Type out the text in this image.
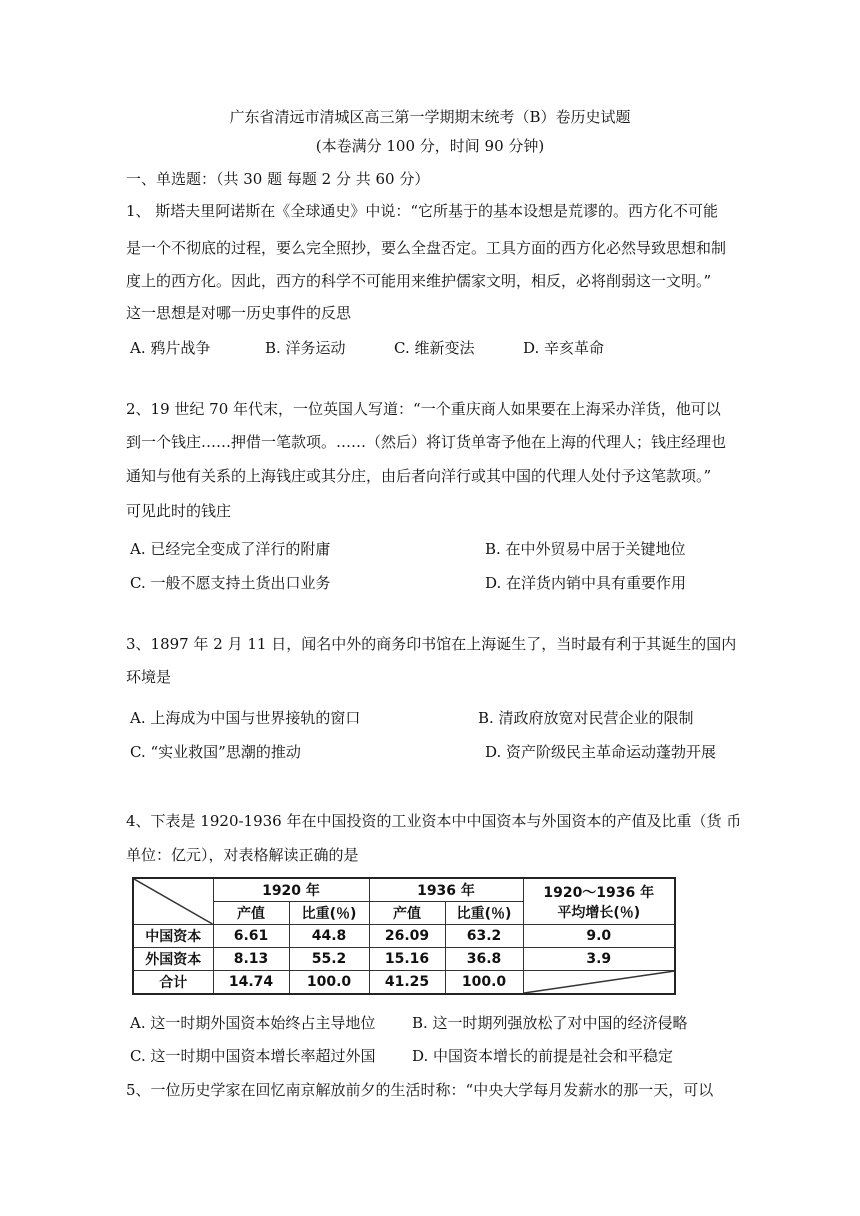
广东省清远市清城区高三第一学期期末统考（B）卷历史试题
(本卷满分 100 分，时间 90 分钟)
一、单选题：（共 30 题 每题 2 分 共 60 分）
1、 斯塔夫里阿诺斯在《全球通史》中说：“它所基于的基本设想是荒谬的。西方化不可能
是一个不彻底的过程，要么完全照抄，要么全盘否定。工具方面的西方化必然导致思想和制
度上的西方化。因此，西方的科学不可能用来维护儒家文明，相反，必将削弱这一文明。”
这一思想是对哪一历史事件的反思
A. 鸦片战争	B. 洋务运动	C. 维新变法	D. 辛亥革命
2、19 世纪 70 年代末，一位英国人写道：“一个重庆商人如果要在上海采办洋货，他可以
到一个钱庄……押借一笔款项。……（然后）将订货单寄予他在上海的代理人；钱庄经理也
通知与他有关系的上海钱庄或其分庄，由后者向洋行或其中国的代理人处付予这笔款项。”
可见此时的钱庄
A. 已经完全变成了洋行的附庸	B. 在中外贸易中居于关键地位
C. 一般不愿支持土货出口业务	D. 在洋货内销中具有重要作用
3、1897 年 2 月 11 日，闻名中外的商务印书馆在上海诞生了，当时最有利于其诞生的国内
环境是
A. 上海成为中国与世界接轨的窗口	B. 清政府放宽对民营企业的限制
C. “实业救国”思潮的推动	D. 资产阶级民主革命运动蓬勃开展
4、下表是 1920-1936 年在中国投资的工业资本中中国资本与外国资本的产值及比重（货 币
单位：亿元），对表格解读正确的是
	1920 年		1936 年		1920～1936 年
平均增长(％)

	产值	比重(％)	产值	比重(％)	
中国资本	6.61	44.8	26.09	63.2	9.0
外国资本	8.13	55.2	15.16	36.8	3.9
合计	14.74	100.0	41.25	100.0	
A. 这一时期外国资本始终占主导地位 B. 这一时期列强放松了对中国的经济侵略
C. 这一时期中国资本增长率超过外国 D. 中国资本增长的前提是社会和平稳定
5、一位历史学家在回忆南京解放前夕的生活时称：“中央大学每月发薪水的那一天，可以
